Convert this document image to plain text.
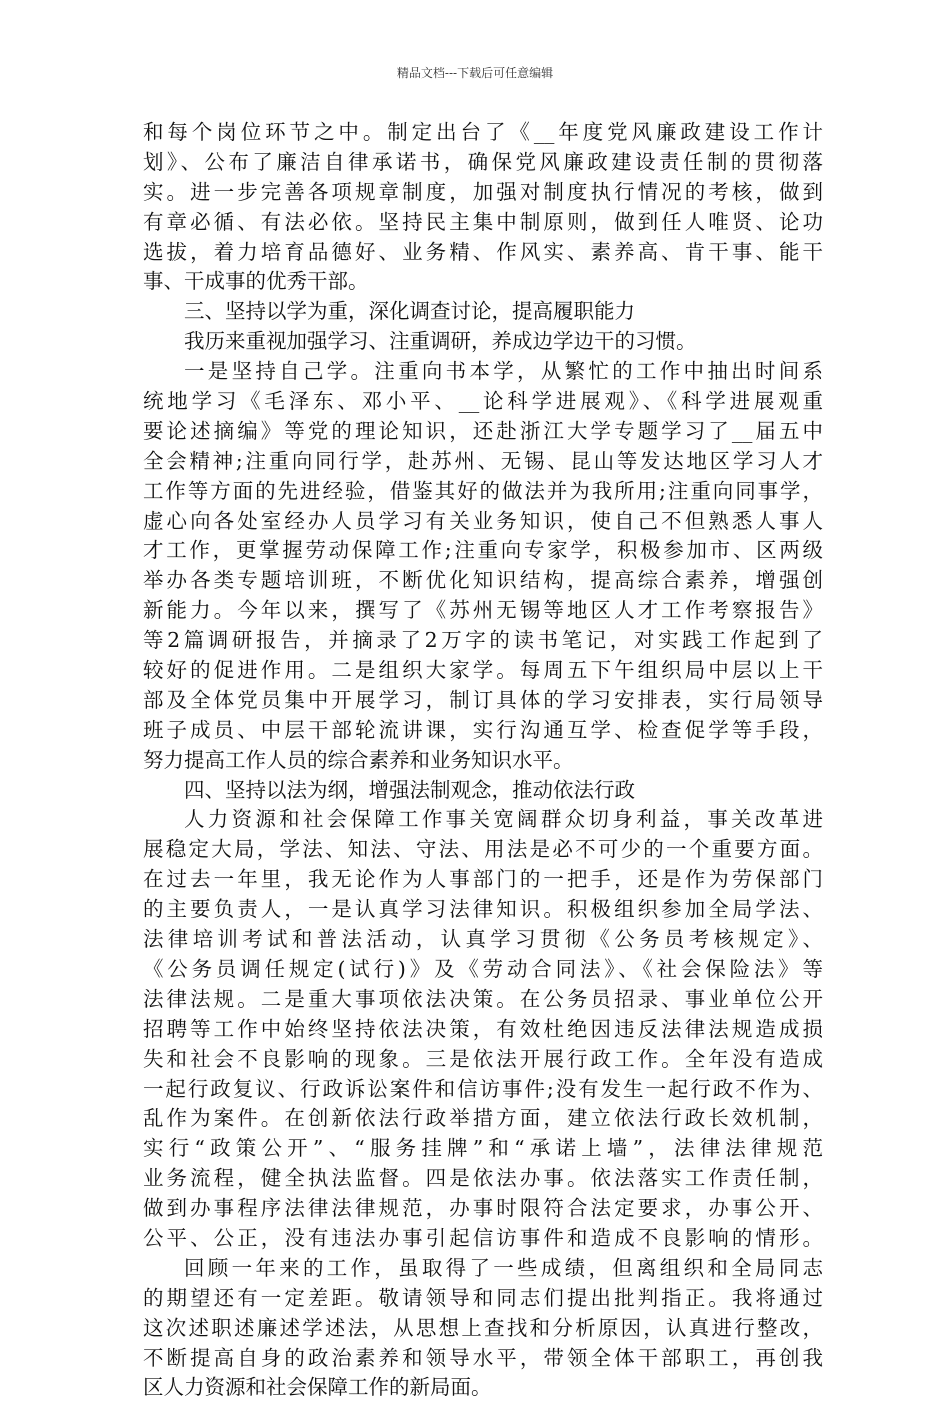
精品文档---下载后可任意编辑
和每个岗位环节之中。制定出台了《__年度党风廉政建设工作计
划》、公布了廉洁自律承诺书，确保党风廉政建设责任制的贯彻落
实。进一步完善各项规章制度，加强对制度执行情况的考核，做到
有章必循、有法必依。坚持民主集中制原则，做到任人唯贤、论功
选拔，着力培育品德好、业务精、作风实、素养高、肯干事、能干
事、干成事的优秀干部。
三、坚持以学为重，深化调查讨论，提高履职能力
我历来重视加强学习、注重调研，养成边学边干的习惯。
一是坚持自己学。注重向书本学，从繁忙的工作中抽出时间系
统地学习《毛泽东、邓小平、__论科学进展观》、《科学进展观重
要论述摘编》等党的理论知识，还赴浙江大学专题学习了__届五中
全会精神;注重向同行学，赴苏州、无锡、昆山等发达地区学习人才
工作等方面的先进经验，借鉴其好的做法并为我所用;注重向同事学，
虚心向各处室经办人员学习有关业务知识，使自己不但熟悉人事人
才工作，更掌握劳动保障工作;注重向专家学，积极参加市、区两级
举办各类专题培训班，不断优化知识结构，提高综合素养，增强创
新能力。今年以来，撰写了《苏州无锡等地区人才工作考察报告》
等2篇调研报告，并摘录了2万字的读书笔记，对实践工作起到了
较好的促进作用。二是组织大家学。每周五下午组织局中层以上干
部及全体党员集中开展学习，制订具体的学习安排表，实行局领导
班子成员、中层干部轮流讲课，实行沟通互学、检查促学等手段，
努力提高工作人员的综合素养和业务知识水平。
四、坚持以法为纲，增强法制观念，推动依法行政
人力资源和社会保障工作事关宽阔群众切身利益，事关改革进
展稳定大局，学法、知法、守法、用法是必不可少的一个重要方面。
在过去一年里，我无论作为人事部门的一把手，还是作为劳保部门
的主要负责人，一是认真学习法律知识。积极组织参加全局学法、
法律培训考试和普法活动，认真学习贯彻《公务员考核规定》、
《公务员调任规定(试行)》及《劳动合同法》、《社会保险法》等
法律法规。二是重大事项依法决策。在公务员招录、事业单位公开
招聘等工作中始终坚持依法决策，有效杜绝因违反法律法规造成损
失和社会不良影响的现象。三是依法开展行政工作。全年没有造成
一起行政复议、行政诉讼案件和信访事件;没有发生一起行政不作为、
乱作为案件。在创新依法行政举措方面，建立依法行政长效机制，
实行“政策公开”、“服务挂牌”和“承诺上墙”，法律法律规范
业务流程，健全执法监督。四是依法办事。依法落实工作责任制，
做到办事程序法律法律规范，办事时限符合法定要求，办事公开、
公平、公正，没有违法办事引起信访事件和造成不良影响的情形。
回顾一年来的工作，虽取得了一些成绩，但离组织和全局同志
的期望还有一定差距。敬请领导和同志们提出批判指正。我将通过
这次述职述廉述学述法，从思想上查找和分析原因，认真进行整改，
不断提高自身的政治素养和领导水平，带领全体干部职工，再创我
区人力资源和社会保障工作的新局面。
